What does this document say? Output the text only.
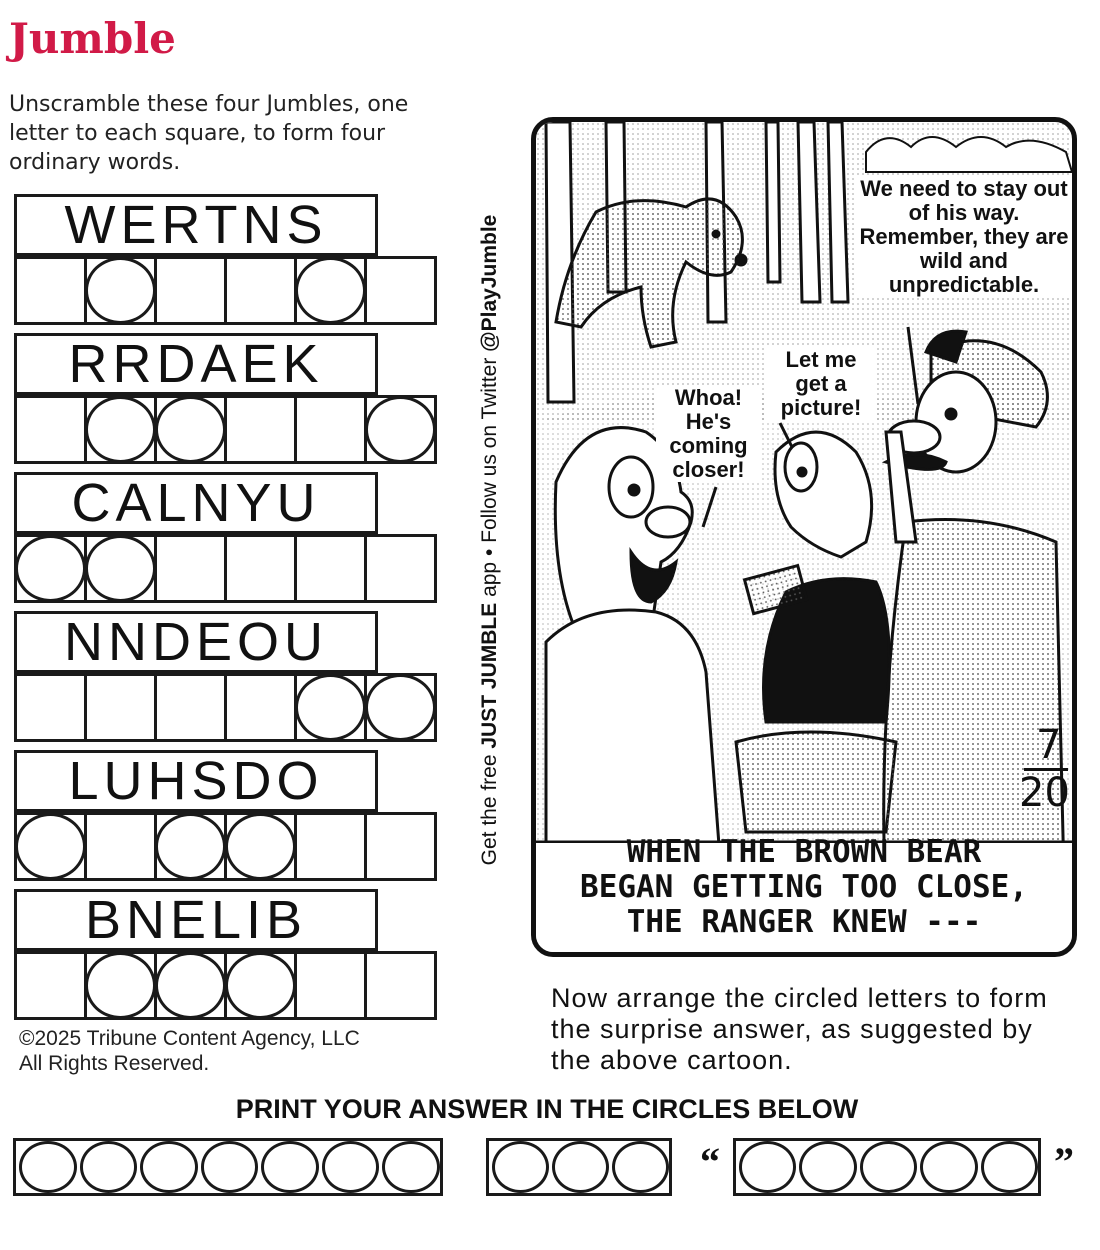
Jumble
Unscramble these four Jumbles, one letter to each square, to form four ordinary words.
WERTNS
RRDAEK
CALNYU
NNDEOU
LUHSDO
BNELIB
Get the free JUST JUMBLE app • Follow us on Twitter @PlayJumble
We need to stay out of his way. Remember, they are wild and unpredictable.
Let me get a picture!
Whoa! He's coming closer!
7
20
WHEN THE BROWN BEAR
BEGAN GETTING TOO CLOSE,
THE RANGER KNEW ---
©2025 Tribune Content Agency, LLC
All Rights Reserved.
Now arrange the circled letters to form the surprise answer, as suggested by the above cartoon.
PRINT YOUR ANSWER IN THE CIRCLES BELOW
“	”
